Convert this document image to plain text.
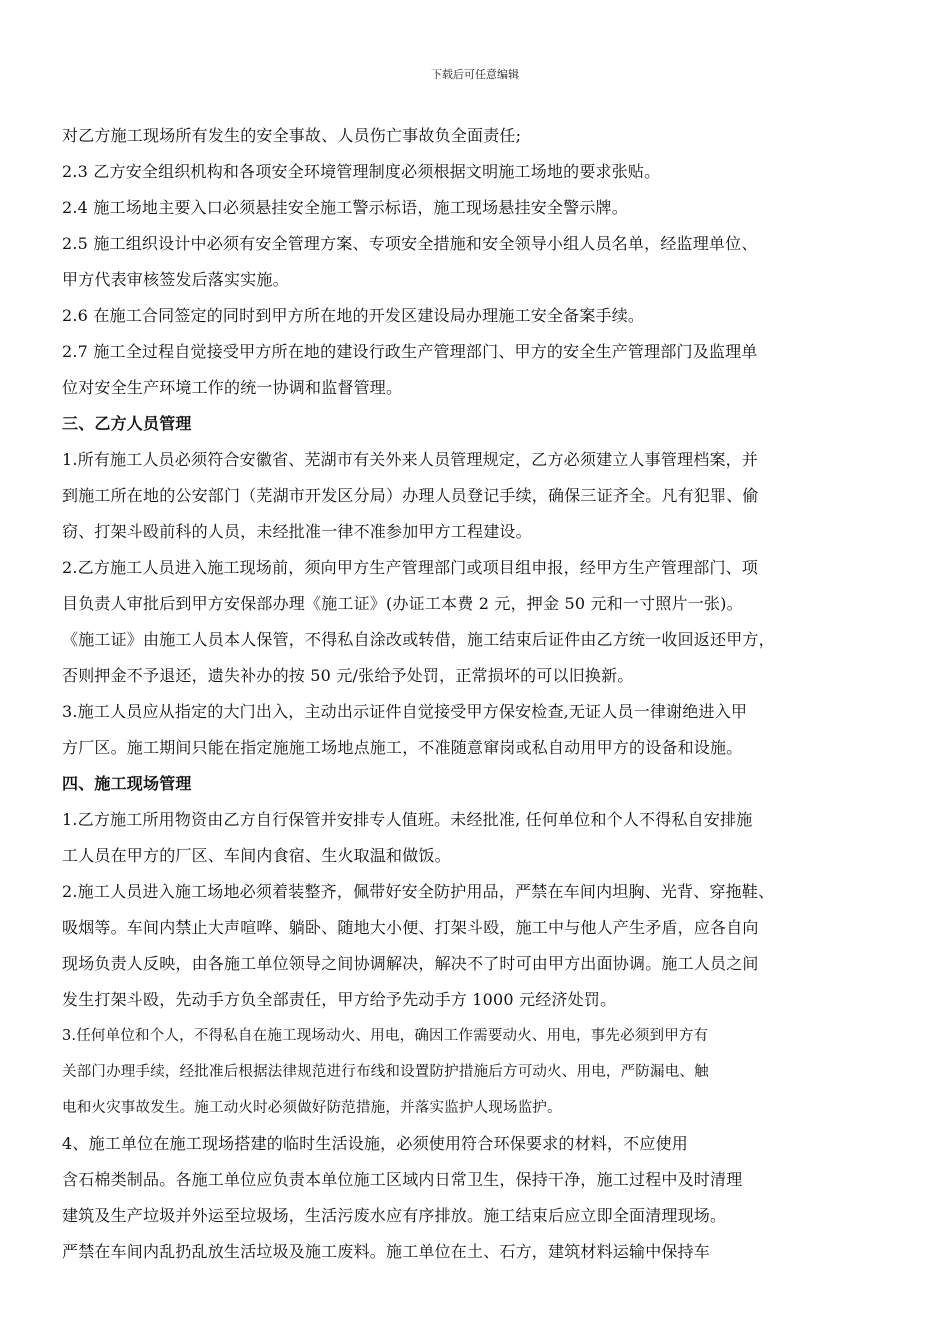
下载后可任意编辑
对乙方施工现场所有发生的安全事故、人员伤亡事故负全面责任;
2.3 乙方安全组织机构和各项安全环境管理制度必须根据文明施工场地的要求张贴。
2.4 施工场地主要入口必须悬挂安全施工警示标语，施工现场悬挂安全警示牌。
2.5 施工组织设计中必须有安全管理方案、专项安全措施和安全领导小组人员名单，经监理单位、
甲方代表审核签发后落实实施。
2.6 在施工合同签定的同时到甲方所在地的开发区建设局办理施工安全备案手续。
2.7 施工全过程自觉接受甲方所在地的建设行政生产管理部门、甲方的安全生产管理部门及监理单
位对安全生产环境工作的统一协调和监督管理。
三、乙方人员管理
1.所有施工人员必须符合安徽省、芜湖市有关外来人员管理规定，乙方必须建立人事管理档案，并
到施工所在地的公安部门（芜湖市开发区分局）办理人员登记手续，确保三证齐全。凡有犯罪、偷
窃、打架斗殴前科的人员，未经批准一律不准参加甲方工程建设。
2.乙方施工人员进入施工现场前，须向甲方生产管理部门或项目组申报，经甲方生产管理部门、项
目负责人审批后到甲方安保部办理《施工证》(办证工本费 2 元，押金 50 元和一寸照片一张)。
《施工证》由施工人员本人保管，不得私自涂改或转借，施工结束后证件由乙方统一收回返还甲方，
否则押金不予退还，遗失补办的按 50 元/张给予处罚，正常损坏的可以旧换新。
3.施工人员应从指定的大门出入，主动出示证件自觉接受甲方保安检查,无证人员一律谢绝进入甲
方厂区。施工期间只能在指定施施工场地点施工，不准随意窜岗或私自动用甲方的设备和设施。
四、施工现场管理
1.乙方施工所用物资由乙方自行保管并安排专人值班。未经批准, 任何单位和个人不得私自安排施
工人员在甲方的厂区、车间内食宿、生火取温和做饭。
2.施工人员进入施工场地必须着装整齐，佩带好安全防护用品，严禁在车间内坦胸、光背、穿拖鞋、
吸烟等。车间内禁止大声喧哗、躺卧、随地大小便、打架斗殴，施工中与他人产生矛盾，应各自向
现场负责人反映，由各施工单位领导之间协调解决，解决不了时可由甲方出面协调。施工人员之间
发生打架斗殴，先动手方负全部责任，甲方给予先动手方 1000 元经济处罚。
3.任何单位和个人，不得私自在施工现场动火、用电，确因工作需要动火、用电，事先必须到甲方有
关部门办理手续，经批准后根据法律规范进行布线和设置防护措施后方可动火、用电，严防漏电、触
电和火灾事故发生。施工动火时必须做好防范措施，并落实监护人现场监护。
4、施工单位在施工现场搭建的临时生活设施，必须使用符合环保要求的材料，不应使用
含石棉类制品。各施工单位应负责本单位施工区域内日常卫生，保持干净，施工过程中及时清理
建筑及生产垃圾并外运至垃圾场，生活污废水应有序排放。施工结束后应立即全面清理现场。
严禁在车间内乱扔乱放生活垃圾及施工废料。施工单位在土、石方，建筑材料运输中保持车
